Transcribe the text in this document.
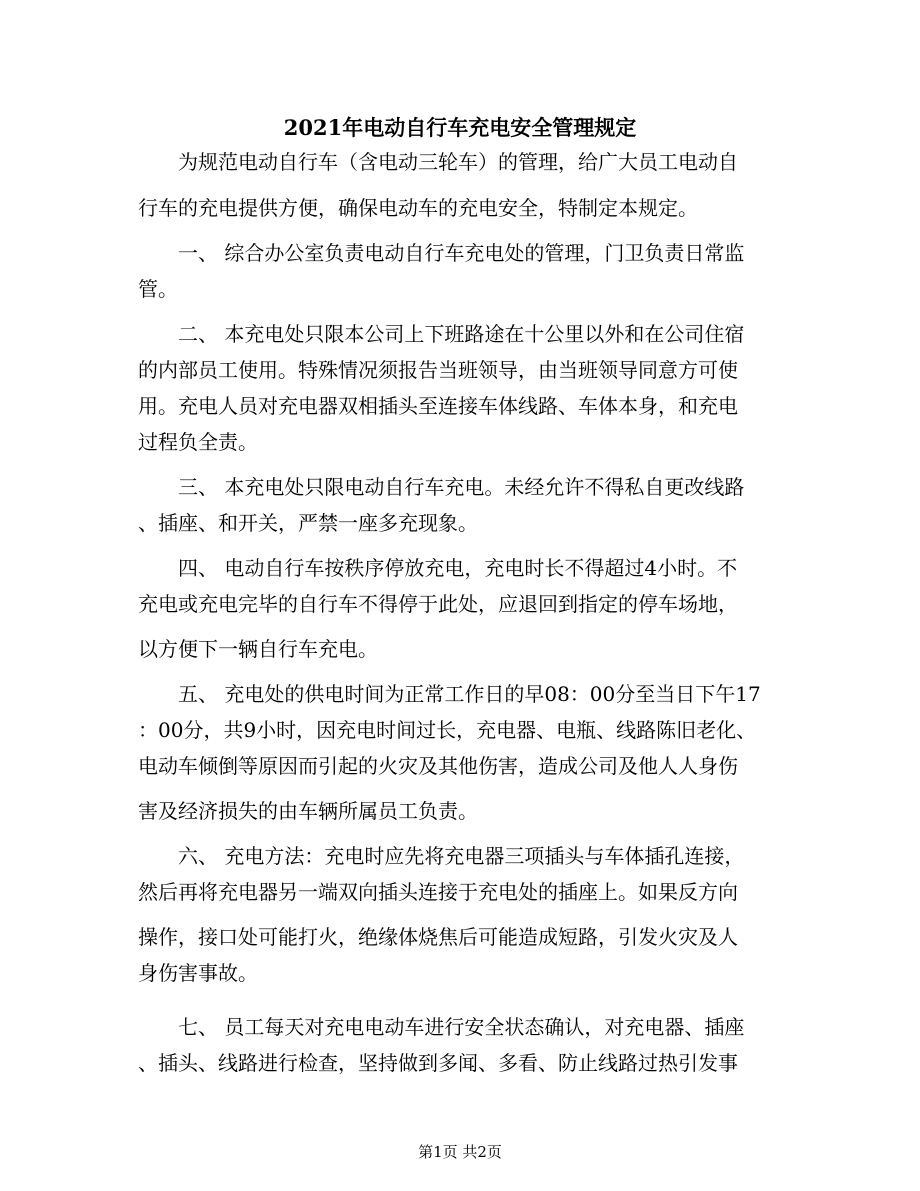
2021年电动自行车充电安全管理规定
为规范电动自行车（含电动三轮车）的管理，给广大员工电动自
行车的充电提供方便，确保电动车的充电安全，特制定本规定。
一、 综合办公室负责电动自行车充电处的管理，门卫负责日常监
管。
二、 本充电处只限本公司上下班路途在十公里以外和在公司住宿
的内部员工使用。特殊情况须报告当班领导，由当班领导同意方可使
用。充电人员对充电器双相插头至连接车体线路、车体本身，和充电
过程负全责。
三、 本充电处只限电动自行车充电。未经允许不得私自更改线路
、插座、和开关，严禁一座多充现象。
四、 电动自行车按秩序停放充电，充电时长不得超过4小时。不
充电或充电完毕的自行车不得停于此处，应退回到指定的停车场地，
以方便下一辆自行车充电。
五、 充电处的供电时间为正常工作日的早08：00分至当日下午17
：00分，共9小时，因充电时间过长，充电器、电瓶、线路陈旧老化、
电动车倾倒等原因而引起的火灾及其他伤害，造成公司及他人人身伤
害及经济损失的由车辆所属员工负责。
六、 充电方法：充电时应先将充电器三项插头与车体插孔连接，
然后再将充电器另一端双向插头连接于充电处的插座上。如果反方向
操作，接口处可能打火，绝缘体烧焦后可能造成短路，引发火灾及人
身伤害事故。
七、 员工每天对充电电动车进行安全状态确认，对充电器、插座
、插头、线路进行检查，坚持做到多闻、多看、防止线路过热引发事
第1页 共2页
